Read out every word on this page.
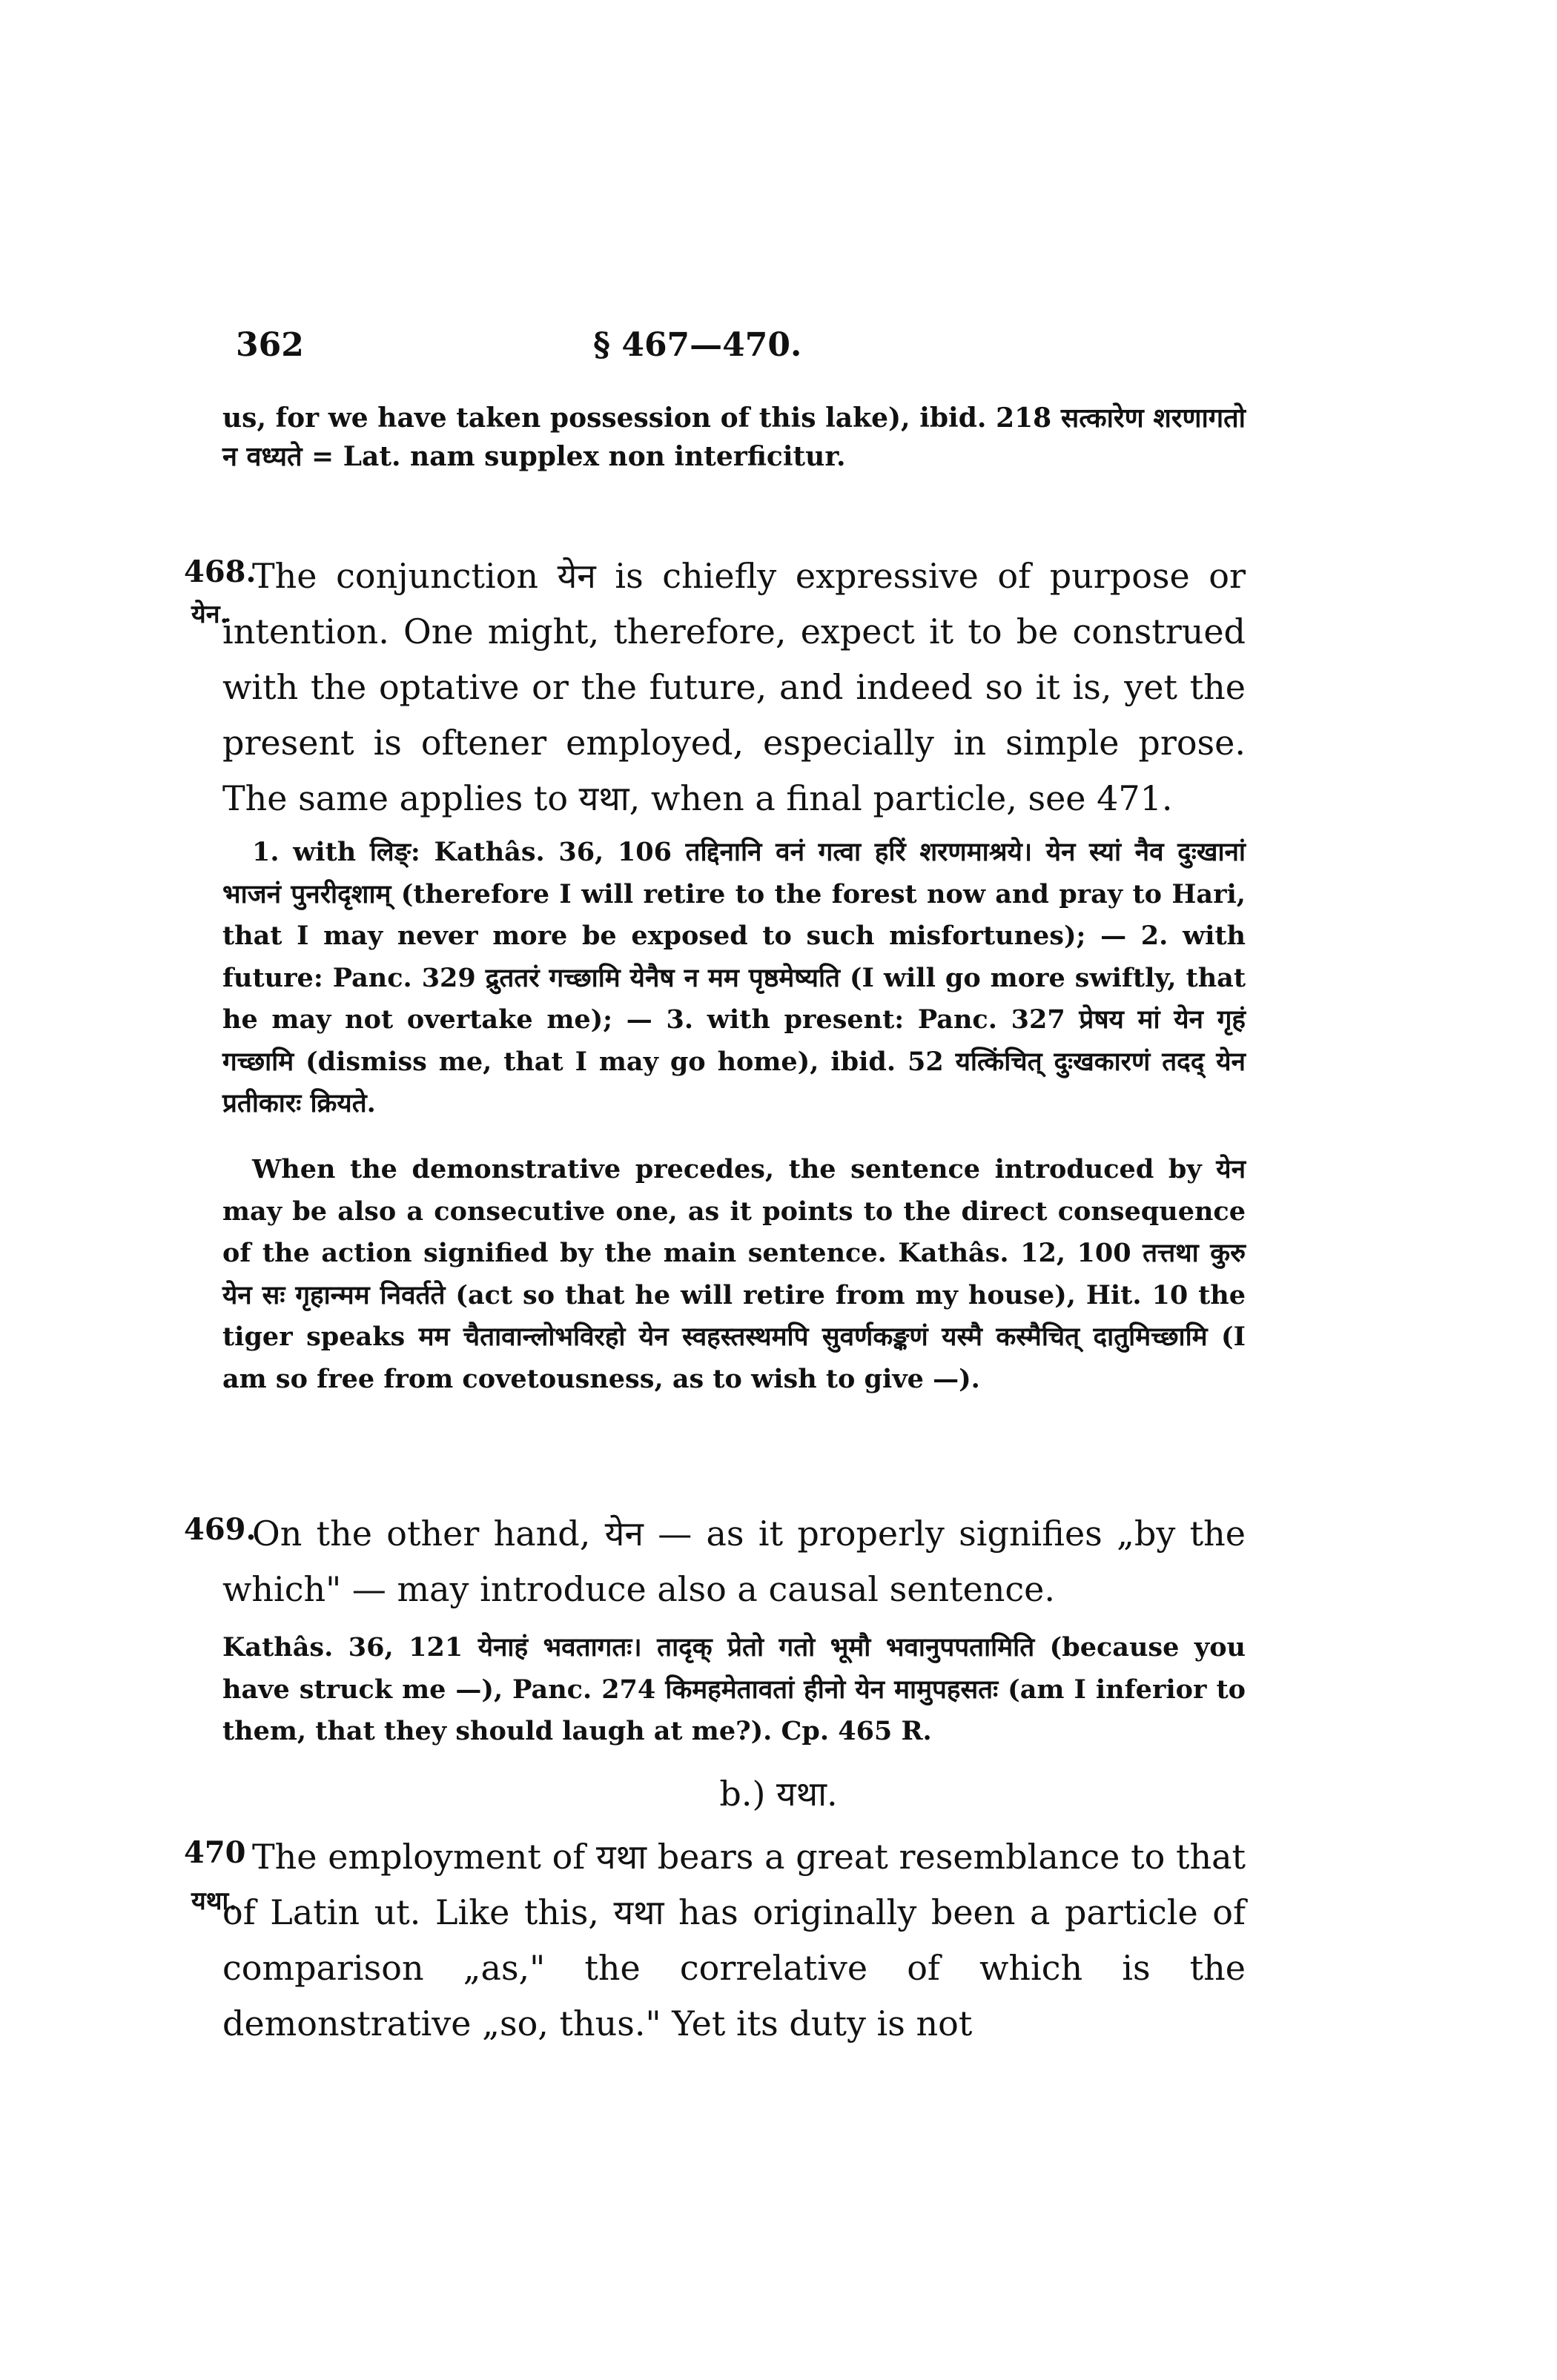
362	§ 467—470.
us, for we have taken possession of this lake), ibid. 218 सत्कारेण शरणागतो न वध्यते = Lat. nam supplex non interficitur.
468.
येन.
The conjunction येन is chiefly expressive of purpose or intention. One might, therefore, expect it to be construed with the optative or the future, and indeed so it is, yet the present is oftener employed, especially in simple prose. The same applies to यथा, when a final particle, see 471.
1. with लिङ्: Kathâs. 36, 106 तद्दिनानि वनं गत्वा हरिं शरणमाश्रये। येन स्यां नैव दुःखानां भाजनं पुनरीदृशाम् (therefore I will retire to the forest now and pray to Hari, that I may never more be exposed to such misfortunes); — 2. with future: Panc. 329 द्रुततरं गच्छामि येनैष न मम पृष्ठमेष्यति (I will go more swiftly, that he may not overtake me); — 3. with present: Panc. 327 प्रेषय मां येन गृहं गच्छामि (dismiss me, that I may go home), ibid. 52 यत्किंचित् दुःखकारणं तदद् येन प्रतीकारः क्रियते.
When the demonstrative precedes, the sentence introduced by येन may be also a consecutive one, as it points to the direct consequence of the action signified by the main sentence. Kathâs. 12, 100 तत्तथा कुरु येन सः गृहान्मम निवर्तते (act so that he will retire from my house), Hit. 10 the tiger speaks मम चैतावान्लोभविरहो येन स्वहस्तस्थमपि सुवर्णकङ्कणं यस्मै कस्मैचित् दातुमिच्छामि (I am so free from covetousness, as to wish to give —).
469.
On the other hand, येन — as it properly signifies „by the which" — may introduce also a causal sentence.
Kathâs. 36, 121 येनाहं भवतागतः। तादृक् प्रेतो गतो भूमौ भवानुपपतामिति (because you have struck me —), Panc. 274 किमहमेतावतां हीनो येन मामुपहसतः (am I inferior to them, that they should laugh at me?). Cp. 465 R.
b.) यथा.
470
यथा.
The employment of यथा bears a great resemblance to that of Latin ut. Like this, यथा has originally been a particle of comparison „as," the correlative of which is the demonstrative „so, thus." Yet its duty is not
